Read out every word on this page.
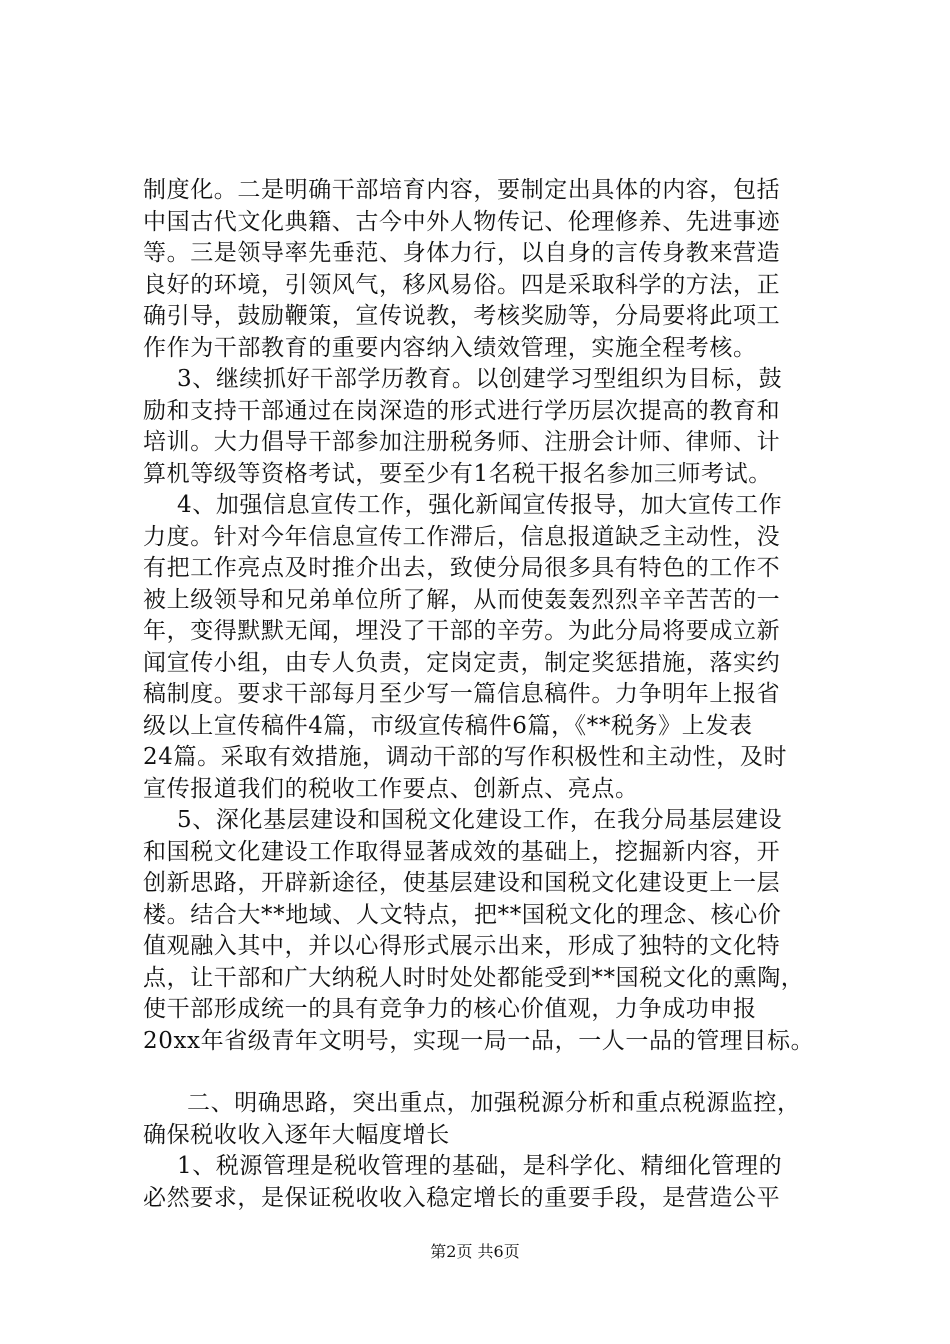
制度化。二是明确干部培育内容，要制定出具体的内容，包括
中国古代文化典籍、古今中外人物传记、伦理修养、先进事迹
等。三是领导率先垂范、身体力行，以自身的言传身教来营造
良好的环境，引领风气，移风易俗。四是采取科学的方法，正
确引导，鼓励鞭策，宣传说教，考核奖励等，分局要将此项工
作作为干部教育的重要内容纳入绩效管理，实施全程考核。
3、继续抓好干部学历教育。以创建学习型组织为目标，鼓
励和支持干部通过在岗深造的形式进行学历层次提高的教育和
培训。大力倡导干部参加注册税务师、注册会计师、律师、计
算机等级等资格考试，要至少有1名税干报名参加三师考试。
4、加强信息宣传工作，强化新闻宣传报导，加大宣传工作
力度。针对今年信息宣传工作滞后，信息报道缺乏主动性，没
有把工作亮点及时推介出去，致使分局很多具有特色的工作不
被上级领导和兄弟单位所了解，从而使轰轰烈烈辛辛苦苦的一
年，变得默默无闻，埋没了干部的辛劳。为此分局将要成立新
闻宣传小组，由专人负责，定岗定责，制定奖惩措施，落实约
稿制度。要求干部每月至少写一篇信息稿件。力争明年上报省
级以上宣传稿件4篇，市级宣传稿件6篇，《**税务》上发表
24篇。采取有效措施，调动干部的写作积极性和主动性，及时
宣传报道我们的税收工作要点、创新点、亮点。
5、深化基层建设和国税文化建设工作，在我分局基层建设
和国税文化建设工作取得显著成效的基础上，挖掘新内容，开
创新思路，开辟新途径，使基层建设和国税文化建设更上一层
楼。结合大**地域、人文特点，把**国税文化的理念、核心价
值观融入其中，并以心得形式展示出来，形成了独特的文化特
点，让干部和广大纳税人时时处处都能受到**国税文化的熏陶，
使干部形成统一的具有竞争力的核心价值观，力争成功申报
20xx年省级青年文明号，实现一局一品，一人一品的管理目标。
二、明确思路，突出重点，加强税源分析和重点税源监控，
确保税收收入逐年大幅度增长
1、税源管理是税收管理的基础，是科学化、精细化管理的
必然要求，是保证税收收入稳定增长的重要手段，是营造公平
第2页 共6页
